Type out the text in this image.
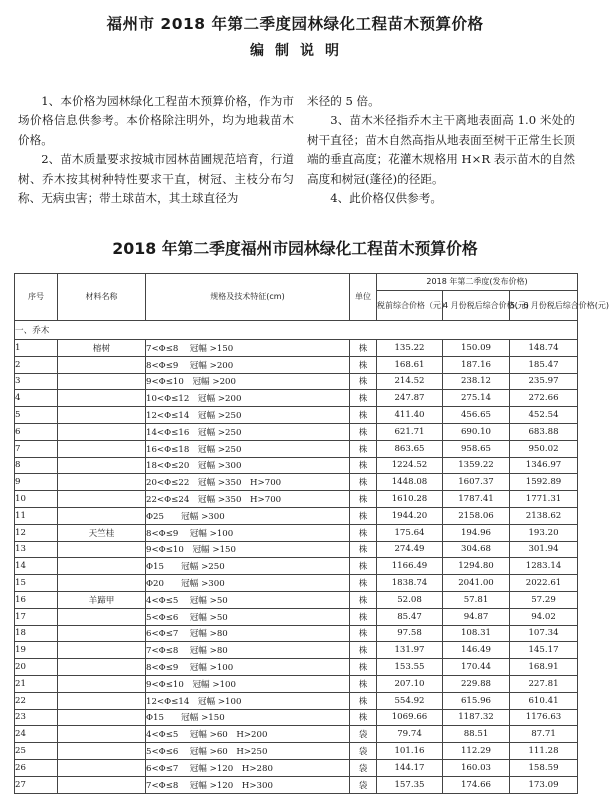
福州市 2018 年第二季度园林绿化工程苗木预算价格
编制说明

1、本价格为园林绿化工程苗木预算价格，作为市场价格信息供参考。本价格除注明外，均为地栽苗木价格。

2、苗木质量要求按城市园林苗圃规范培育，行道树、乔木按其树种特性要求干直，树冠、主枝分布匀称、无病虫害；带土球苗木，其土球直径为

米径的 5 倍。

3、苗木米径指乔木主干离地表面高 1.0 米处的树干直径；苗木自然高指从地表面至树干正常生长顶端的垂直高度；花灌木规格用 H×R 表示苗木的自然高度和树冠(蓬径)的径距。

4、此价格仅供参考。

2018 年第二季度福州市园林绿化工程苗木预算价格
序号	材料名称	规格及技术特征(cm)	单位	2018 年第二季度(发布价格)		
				税前综合价格（元）	4 月份税后综合价格(元)	5、6 月份税后综合价格(元)
一、乔木						
1	榕树	7<Φ≤8　 冠幅 >150	株	135.22	150.09	148.74
2		8<Φ≤9　 冠幅 >200	株	168.61	187.16	185.47
3		9<Φ≤10　冠幅 >200	株	214.52	238.12	235.97
4		10<Φ≤12　冠幅 >200	株	247.87	275.14	272.66
5		12<Φ≤14　冠幅 >250	株	411.40	456.65	452.54
6		14<Φ≤16　冠幅 >250	株	621.71	690.10	683.88
7		16<Φ≤18　冠幅 >250	株	863.65	958.65	950.02
8		18<Φ≤20　冠幅 >300	株	1224.52	1359.22	1346.97
9		20<Φ≤22　冠幅 >350　H>700	株	1448.08	1607.37	1592.89
10		22<Φ≤24　冠幅 >350　H>700	株	1610.28	1787.41	1771.31
11		Φ25　　冠幅 >300	株	1944.20	2158.06	2138.62
12	天竺桂	8<Φ≤9　 冠幅 >100	株	175.64	194.96	193.20
13		9<Φ≤10　冠幅 >150	株	274.49	304.68	301.94
14		Φ15　　冠幅 >250	株	1166.49	1294.80	1283.14
15		Φ20　　冠幅 >300	株	1838.74	2041.00	2022.61
16	羊蹄甲	4<Φ≤5　 冠幅 >50	株	52.08	57.81	57.29
17		5<Φ≤6　 冠幅 >50	株	85.47	94.87	94.02
18		6<Φ≤7　 冠幅 >80	株	97.58	108.31	107.34
19		7<Φ≤8　 冠幅 >80	株	131.97	146.49	145.17
20		8<Φ≤9　 冠幅 >100	株	153.55	170.44	168.91
21		9<Φ≤10　冠幅 >100	株	207.10	229.88	227.81
22		12<Φ≤14　冠幅 >100	株	554.92	615.96	610.41
23		Φ15　　冠幅 >150	株	1069.66	1187.32	1176.63
24		4<Φ≤5　 冠幅 >60　H>200	袋	79.74	88.51	87.71
25		5<Φ≤6　 冠幅 >60　H>250	袋	101.16	112.29	111.28
26		6<Φ≤7　 冠幅 >120　H>280	袋	144.17	160.03	158.59
27		7<Φ≤8　 冠幅 >120　H>300	袋	157.35	174.66	173.09
